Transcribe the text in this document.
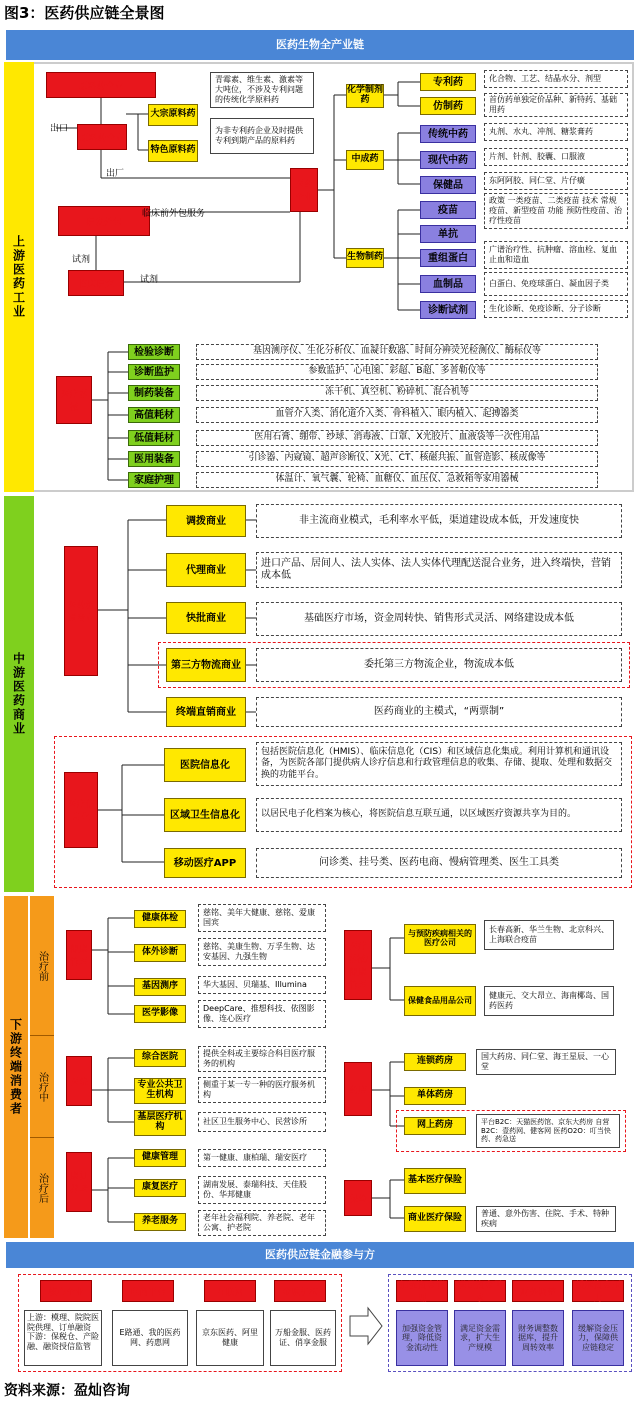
图3：医药供应链全景图
医药生物全产业链
上游医药工业
中游医药商业
下游终端消费者
治疗前
治疗中
治疗后
原料药企业
原料药企业
出口
出厂
大宗原料药
特色原料药
青霉素、维生素、激素等大吨位，不涉及专利问题的传统化学原料药
为非专利药企业及时提供专利到期产品的原料药
研发外包
临床前外包服务
临床研究
试剂
试剂
医药企业
化学制剂药
中成药
生物制药
专利药
仿制药
化合物、工艺、结晶水分、剂型
首仿药单独定价品种、新特药、基础用药
传统中药
现代中药
保健品
丸剂、水丸、冲剂、糖浆膏药
片剂、针剂、胶囊、口服液
东阿阿胶、同仁堂、片仔癀
疫苗
单抗
重组蛋白
血制品
诊断试剂
政策 一类疫苗、二类疫苗 技术 常规疫苗、新型疫苗 功能 预防性疫苗、治疗性疫苗
广谱治疗性、抗肿瘤、溶血栓、复血止血和造血
白蛋白、免疫球蛋白、凝血因子类
生化诊断、免疫诊断、分子诊断
医疗器械
检验诊断
诊断监护
制药装备
高值耗材
低值耗材
医用装备
家庭护理
基因测序仪、生化分析仪、血凝计数器、时间分辨荧光检测仪、酶标仪等
参数监护、心电图、彩超、B超、多普勒仪等
冻干机、真空机、粉碎机、混合机等
血管介入类、消化道介入类、骨科植入、眼内植入、起搏器类
医用石膏、绷带、纱球、消毒液、口罩、X光胶片、血液袋等一次性用品
引诊器、内窥镜、超声诊断仪、X光、CT、核磁共振、血管造影、核成像等
体温计、氧气囊、轮椅、血糖仪、血压仪、急救箱等家用器械
医药流通商业
调拨商业
代理商业
快批商业
第三方物流商业
终端直销商业
非主流商业模式，毛利率水平低，渠道建设成本低，开发速度快
进口产品、居间人、法人实体、法人实体代理配送混合业务，进入终端快，营销成本低
基础医疗市场，资金周转快、销售形式灵活、网络建设成本低
委托第三方物流企业，物流成本低
医药商业的主模式，“两票制”
医疗信息化
医院信息化
区域卫生信息化
移动医疗APP
包括医院信息化（HMIS）、临床信息化（CIS）和区域信息化集成。利用计算机和通讯设备，为医院各部门提供病人诊疗信息和行政管理信息的收集、存储、提取、处理和数据交换的功能平台。
以居民电子化档案为核心，将医院信息互联互通，以区域医疗资源共享为目的。
问诊类、挂号类、医药电商、慢病管理类、医生工具类
健康管理
健康体检
体外诊断
基因测序
医学影像
慈铭、美年大健康、慈铭、爱康国宾
慈铭、美康生物、万孚生物、达安基因、九强生物
华大基因、贝瑞基、Illumina
DeepCare、推想科技、依图影像、连心医疗
医院
综合医院
专业公共卫生机构
基层医疗机构
提供全科或主要综合科目医疗服务的机构
侧重于某一专一种的医疗服务机构
社区卫生服务中心、民营诊所
康复养老
健康管理
康复医疗
养老服务
第一健康、康柏瑞、瑞安医疗
湖南发展、泰瑞科技、天佳股份、华邦健康
老年社会福利院、养老院、老年公寓、护老院
医疗器械/健康管理
与预防疾病相关的医疗公司
保健食品用品公司
长春高新、华兰生物、北京科兴、上海联合疫苗
健康元、交大昂立、海南椰岛、国药医药
药店
连锁药房
单体药房
网上药房
国大药房、同仁堂、海王星辰、一心堂
平台B2C：天猫医药馆、京东大药房 自营B2C：壹药网、健客网 医药O2O：叮当快药、药急送
保险
基本医疗保险
商业医疗保险	普通、意外伤害、住院、手术、特种疾病
医药供应链金融参与方
核心企业	电商平台	互联网	金融机构
上游：模理、院院医院供理、订单融资 下游：保税仓、产险融、融资授信监管
E路通、我的医药网、药惠网
京东医药、阿里健康
万船金服、医药证、俏享金服
加强资金管理
满足资金需求
财务调整
缓解资金压力
加强资金管理，降低资金流动性
满足资金需求，扩大生产规模
财务调整数据库，提升周转效率
缓解资金压力，保障供应链稳定
资料来源：盈灿咨询
